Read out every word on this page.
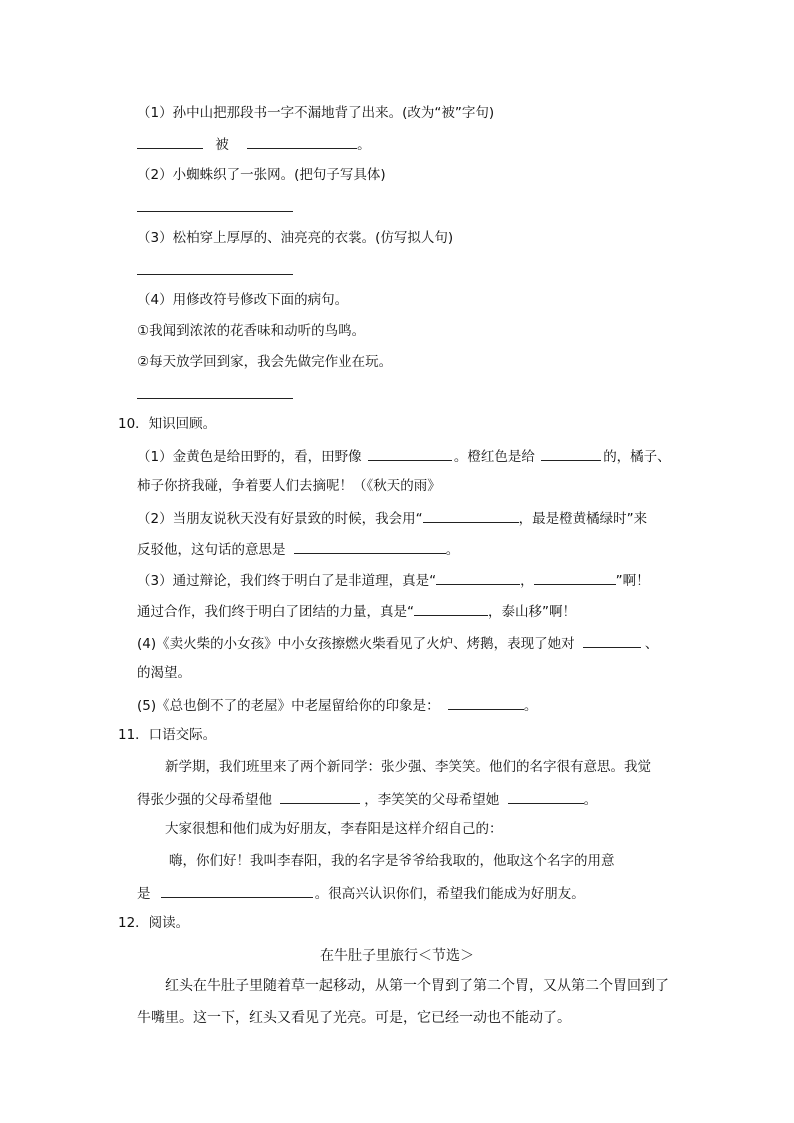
（1）孙中山把那段书一字不漏地背了出来。(改为“被”字句)
被	。
（2）小蜘蛛织了一张网。(把句子写具体)
（3）松柏穿上厚厚的、油亮亮的衣裳。(仿写拟人句)
（4）用修改符号修改下面的病句。
①我闻到浓浓的花香味和动听的鸟鸣。
②每天放学回到家，我会先做完作业在玩。
10．知识回顾。
（1）金黄色是给田野的，看，田野像	。橙红色是给	的，橘子、
柿子你挤我碰，争着要人们去摘呢！（《秋天的雨》
（2）当朋友说秋天没有好景致的时候，我会用“	，最是橙黄橘绿时”来
反驳他，这句话的意思是	。
（3）通过辩论，我们终于明白了是非道理，真是“	，	”啊！
通过合作，我们终于明白了团结的力量，真是“	，泰山移”啊！
(4)《卖火柴的小女孩》中小女孩擦燃火柴看见了火炉、烤鹅，表现了她对	、
的渴望。
(5)《总也倒不了的老屋》中老屋留给你的印象是：	。
11．口语交际。
新学期，我们班里来了两个新同学：张少强、李笑笑。他们的名字很有意思。我觉
得张少强的父母希望他	，李笑笑的父母希望她	。
大家很想和他们成为好朋友，李春阳是这样介绍自己的：
嗨，你们好！我叫李春阳，我的名字是爷爷给我取的，他取这个名字的用意
是	。很高兴认识你们，希望我们能成为好朋友。
12．阅读。
在牛肚子里旅行＜节选＞
红头在牛肚子里随着草一起移动，从第一个胃到了第二个胃，又从第二个胃回到了
牛嘴里。这一下，红头又看见了光亮。可是，它已经一动也不能动了。
